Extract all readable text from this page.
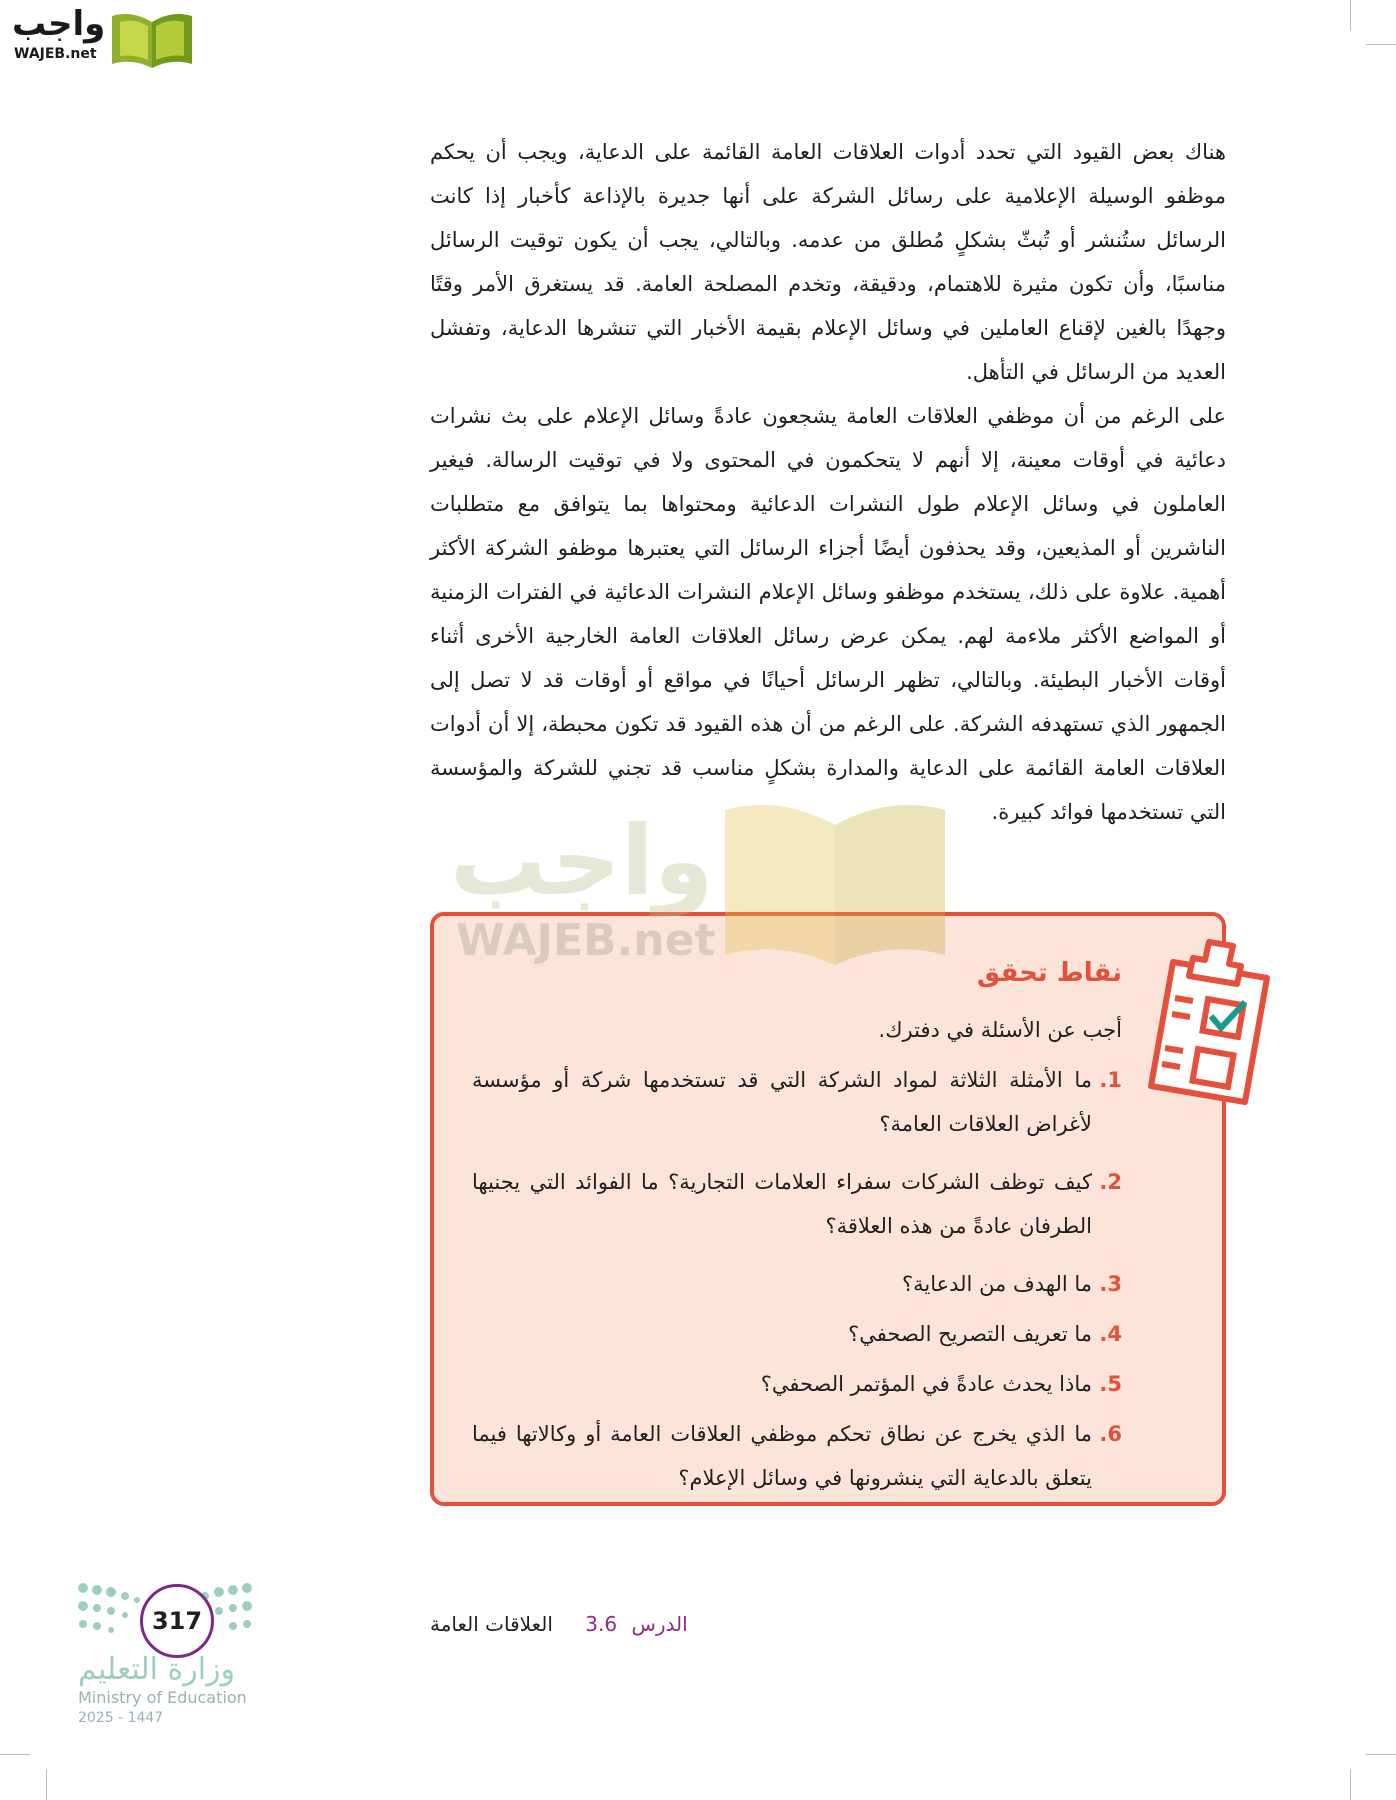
واجب
WAJEB.net

هناك بعض القيود التي تحدد أدوات العلاقات العامة القائمة على الدعاية، ويجب أن يحكم موظفو الوسيلة الإعلامية على رسائل الشركة على أنها جديرة بالإذاعة كأخبار إذا كانت الرسائل ستُنشر أو تُبثّ بشكلٍ مُطلق من عدمه. وبالتالي، يجب أن يكون توقيت الرسائل مناسبًا، وأن تكون مثيرة للاهتمام، ودقيقة، وتخدم المصلحة العامة. قد يستغرق الأمر وقتًا وجهدًا بالغين لإقناع العاملين في وسائل الإعلام بقيمة الأخبار التي تنشرها الدعاية، وتفشل العديد من الرسائل في التأهل.

على الرغم من أن موظفي العلاقات العامة يشجعون عادةً وسائل الإعلام على بث نشرات دعائية في أوقات معينة، إلا أنهم لا يتحكمون في المحتوى ولا في توقيت الرسالة. فيغير العاملون في وسائل الإعلام طول النشرات الدعائية ومحتواها بما يتوافق مع متطلبات الناشرين أو المذيعين، وقد يحذفون أيضًا أجزاء الرسائل التي يعتبرها موظفو الشركة الأكثر أهمية. علاوة على ذلك، يستخدم موظفو وسائل الإعلام النشرات الدعائية في الفترات الزمنية أو المواضع الأكثر ملاءمة لهم. يمكن عرض رسائل العلاقات العامة الخارجية الأخرى أثناء أوقات الأخبار البطيئة. وبالتالي، تظهر الرسائل أحيانًا في مواقع أو أوقات قد لا تصل إلى الجمهور الذي تستهدفه الشركة. على الرغم من أن هذه القيود قد تكون محبطة، إلا أن أدوات العلاقات العامة القائمة على الدعاية والمدارة بشكلٍ مناسب قد تجني للشركة والمؤسسة التي تستخدمها فوائد كبيرة.

نقاط تحقق
أجب عن الأسئلة في دفترك.
1.
ما الأمثلة الثلاثة لمواد الشركة التي قد تستخدمها شركة أو مؤسسة لأغراض العلاقات العامة؟
2.
كيف توظف الشركات سفراء العلامات التجارية؟ ما الفوائد التي يجنيها الطرفان عادةً من هذه العلاقة؟
3.
ما الهدف من الدعاية؟
4.
ما تعريف التصريح الصحفي؟
5.
ماذا يحدث عادةً في المؤتمر الصحفي؟
6.
ما الذي يخرج عن نطاق تحكم موظفي العلاقات العامة أو وكالاتها فيما يتعلق بالدعاية التي ينشرونها في وسائل الإعلام؟
واجب
WAJEB.net
الدرس 3.6 العلاقات العامة
317
وزارة التعليم
Ministry of Education
2025 - 1447
